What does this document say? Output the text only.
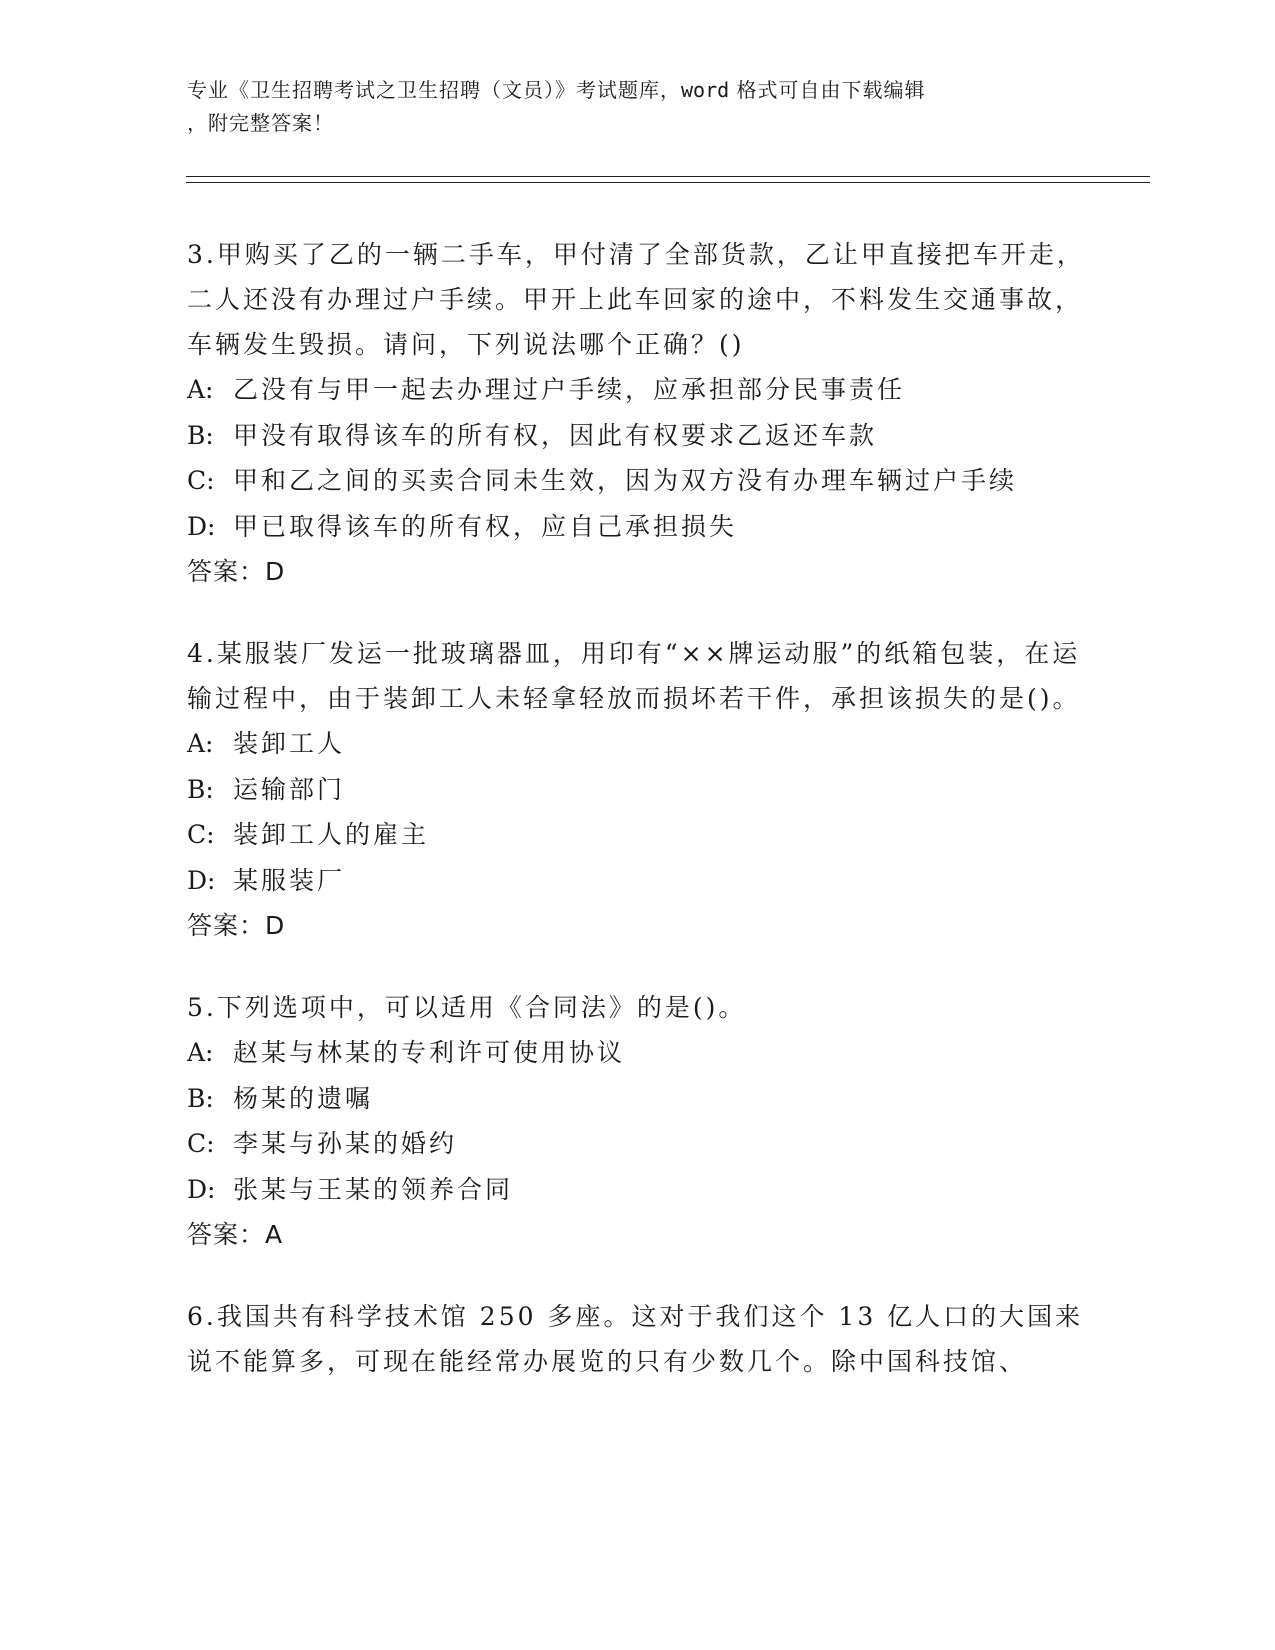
专业《卫生招聘考试之卫生招聘（文员）》考试题库，word 格式可自由下载编辑
，附完整答案！

3.甲购买了乙的一辆二手车，甲付清了全部货款，乙让甲直接把车开走，二人还没有办理过户手续。甲开上此车回家的途中，不料发生交通事故，车辆发生毁损。请问，下列说法哪个正确？()

A: 乙没有与甲一起去办理过户手续，应承担部分民事责任

B: 甲没有取得该车的所有权，因此有权要求乙返还车款

C: 甲和乙之间的买卖合同未生效，因为双方没有办理车辆过户手续

D: 甲已取得该车的所有权，应自己承担损失

答案：D

4.某服装厂发运一批玻璃器皿，用印有“××牌运动服”的纸箱包装，在运输过程中，由于装卸工人未轻拿轻放而损坏若干件，承担该损失的是()。

A: 装卸工人

B: 运输部门

C: 装卸工人的雇主

D: 某服装厂

答案：D

5.下列选项中，可以适用《合同法》的是()。

A: 赵某与林某的专利许可使用协议

B: 杨某的遗嘱

C: 李某与孙某的婚约

D: 张某与王某的领养合同

答案：A

6.我国共有科学技术馆 250 多座。这对于我们这个 13 亿人口的大国来说不能算多，可现在能经常办展览的只有少数几个。除中国科技馆、
